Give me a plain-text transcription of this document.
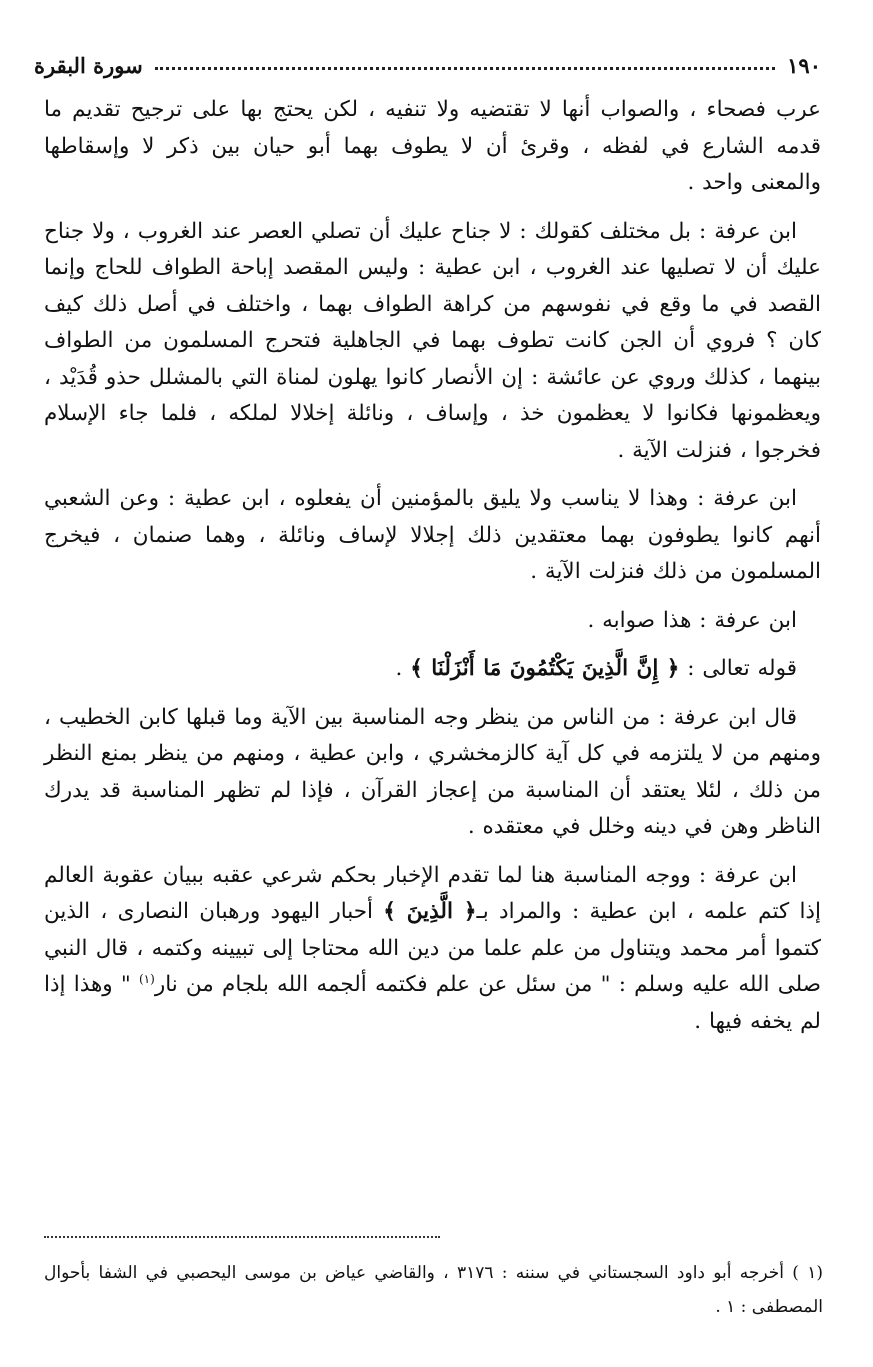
١٩٠
سورة البقرة

عرب فصحاء ، والصواب أنها لا تقتضيه ولا تنفيه ، لكن يحتج بها على ترجيح تقديم ما قدمه الشارع في لفظه ، وقرئ أن لا يطوف بهما أبو حيان بين ذكر لا وإسقاطها والمعنى واحد .

ابن عرفة : بل مختلف كقولك : لا جناح عليك أن تصلي العصر عند الغروب ، ولا جناح عليك أن لا تصليها عند الغروب ، ابن عطية : وليس المقصد إباحة الطواف للحاج وإنما القصد في ما وقع في نفوسهم من كراهة الطواف بهما ، واختلف في أصل ذلك كيف كان ؟ فروي أن الجن كانت تطوف بهما في الجاهلية فتحرج المسلمون من الطواف بينهما ، كذلك وروي عن عائشة : إن الأنصار كانوا يهلون لمناة التي بالمشلل حذو قُدَيْد ، ويعظمونها فكانوا لا يعظمون خذ ، وإساف ، ونائلة إخلالا لملكه ، فلما جاء الإسلام فخرجوا ، فنزلت الآية .

ابن عرفة : وهذا لا يناسب ولا يليق بالمؤمنين أن يفعلوه ، ابن عطية : وعن الشعبي أنهم كانوا يطوفون بهما معتقدين ذلك إجلالا لإساف ونائلة ، وهما صنمان ، فيخرج المسلمون من ذلك فنزلت الآية .

ابن عرفة : هذا صوابه .

قوله تعالى : ﴿ إِنَّ الَّذِينَ يَكْتُمُونَ مَا أَنْزَلْنَا ﴾ .

قال ابن عرفة : من الناس من ينظر وجه المناسبة بين الآية وما قبلها كابن الخطيب ، ومنهم من لا يلتزمه في كل آية كالزمخشري ، وابن عطية ، ومنهم من ينظر بمنع النظر من ذلك ، لئلا يعتقد أن المناسبة من إعجاز القرآن ، فإذا لم تظهر المناسبة قد يدرك الناظر وهن في دينه وخلل في معتقده .

ابن عرفة : ووجه المناسبة هنا لما تقدم الإخبار بحكم شرعي عقبه ببيان عقوبة العالم إذا كتم علمه ، ابن عطية : والمراد بـ﴿ الَّذِينَ ﴾ أحبار اليهود ورهبان النصارى ، الذين كتموا أمر محمد ويتناول من علم علما من دين الله محتاجا إلى تبيينه وكتمه ، قال النبي صلى الله عليه وسلم : " من سئل عن علم فكتمه ألجمه الله بلجام من نار$^{(١)}$ " وهذا إذا لم يخفه فيها .

(١ ) أخرجه أبو داود السجستاني في سننه : ٣١٧٦ ، والقاضي عياض بن موسى اليحصبي في الشفا بأحوال المصطفى : ١ .
